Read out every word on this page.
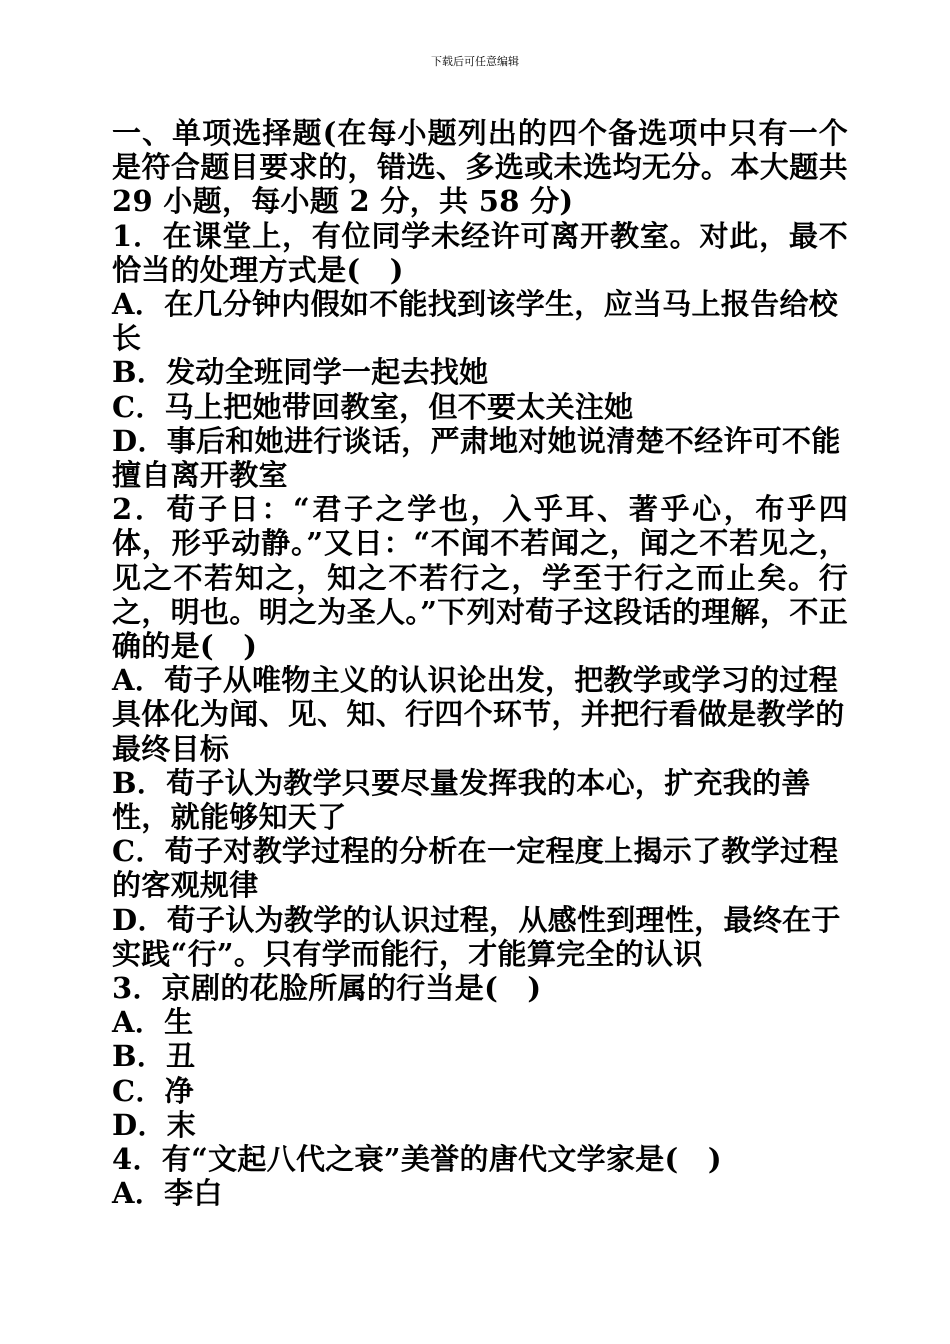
下载后可任意编辑

一、单项选择题(在每小题列出的四个备选项中只有一个是符合题目要求的，错选、多选或未选均无分。本大题共 29 小题，每小题 2 分，共 58 分)

1．在课堂上，有位同学未经许可离开教室。对此，最不恰当的处理方式是(　)

A．在几分钟内假如不能找到该学生，应当马上报告给校长

B．发动全班同学一起去找她

C．马上把她带回教室，但不要太关注她

D．事后和她进行谈话，严肃地对她说清楚不经许可不能擅自离开教室

2．荀子日：“君子之学也，入乎耳、著乎心，布乎四体，形乎动静。”又日：“不闻不若闻之，闻之不若见之，见之不若知之，知之不若行之，学至于行之而止矣。行之，明也。明之为圣人。”下列对荀子这段话的理解，不正确的是(　)

A．荀子从唯物主义的认识论出发，把教学或学习的过程具体化为闻、见、知、行四个环节，并把行看做是教学的最终目标

B．荀子认为教学只要尽量发挥我的本心，扩充我的善性，就能够知天了

C．荀子对教学过程的分析在一定程度上揭示了教学过程的客观规律

D．荀子认为教学的认识过程，从感性到理性，最终在于实践“行”。只有学而能行，才能算完全的认识

3．京剧的花脸所属的行当是(　)

A．生

B．丑

C．净

D．末

4．有“文起八代之衰”美誉的唐代文学家是(　)

A．李白
